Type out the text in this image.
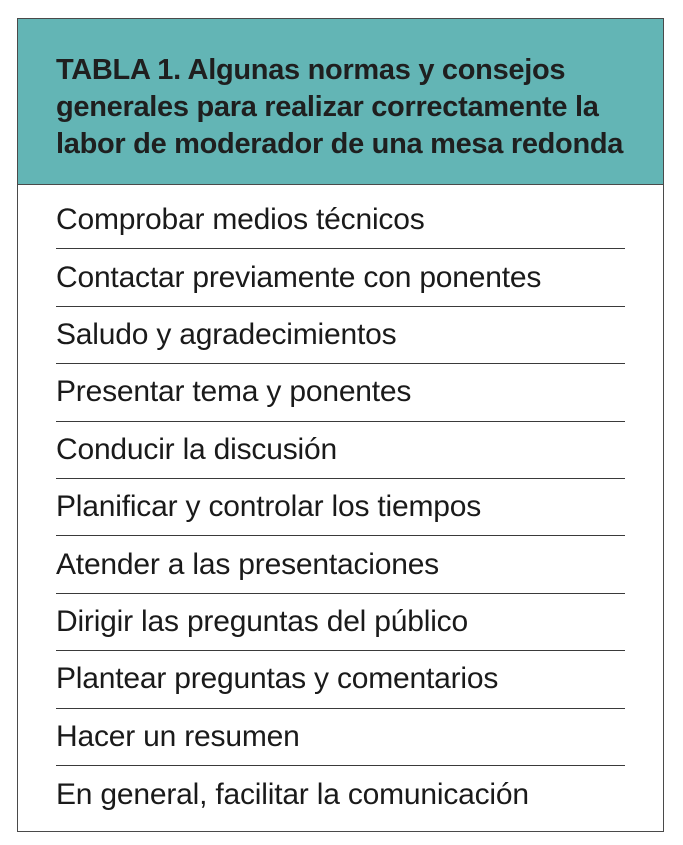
TABLA 1. Algunas normas y consejos generales para realizar correctamente la labor de moderador de una mesa redonda
Comprobar medios técnicos
Contactar previamente con ponentes
Saludo y agradecimientos
Presentar tema y ponentes
Conducir la discusión
Planificar y controlar los tiempos
Atender a las presentaciones
Dirigir las preguntas del público
Plantear preguntas y comentarios
Hacer un resumen
En general, facilitar la comunicación
